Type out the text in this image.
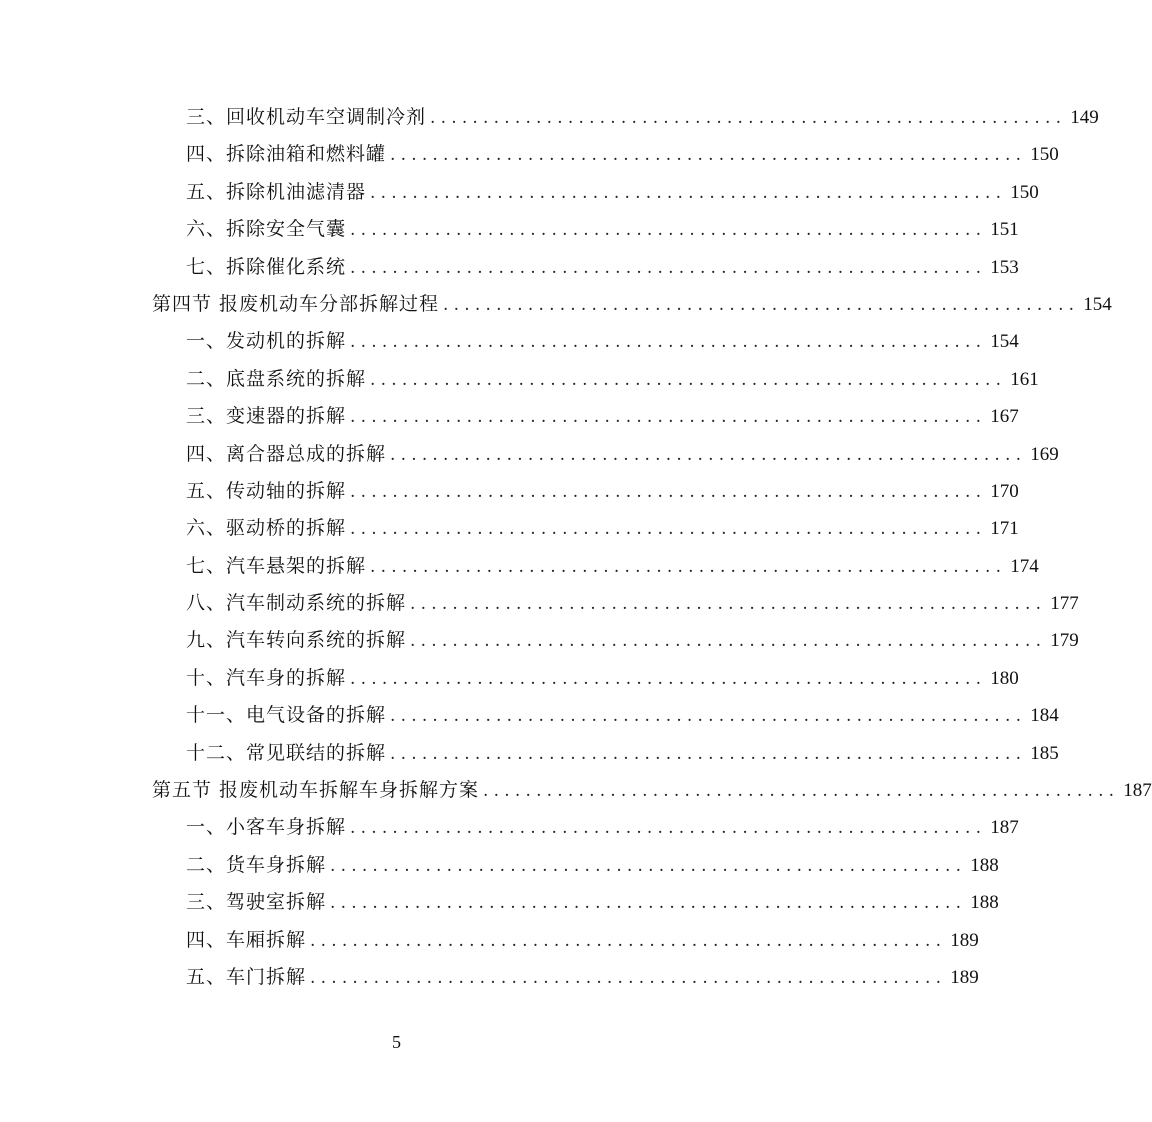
三、回收机动车空调制冷剂 ............................................................ 149
四、拆除油箱和燃料罐 ............................................................ 150
五、拆除机油滤清器 ............................................................ 150
六、拆除安全气囊 ............................................................ 151
七、拆除催化系统 ............................................................ 153
第四节 报废机动车分部拆解过程 ............................................................ 154
一、发动机的拆解 ............................................................ 154
二、底盘系统的拆解 ............................................................ 161
三、变速器的拆解 ............................................................ 167
四、离合器总成的拆解 ............................................................ 169
五、传动轴的拆解 ............................................................ 170
六、驱动桥的拆解 ............................................................ 171
七、汽车悬架的拆解 ............................................................ 174
八、汽车制动系统的拆解 ............................................................ 177
九、汽车转向系统的拆解 ............................................................ 179
十、汽车身的拆解 ............................................................ 180
十一、电气设备的拆解 ............................................................ 184
十二、常见联结的拆解 ............................................................ 185
第五节 报废机动车拆解车身拆解方案 ............................................................ 187
一、小客车身拆解 ............................................................ 187
二、货车身拆解 ............................................................ 188
三、驾驶室拆解 ............................................................ 188
四、车厢拆解 ............................................................ 189
五、车门拆解 ............................................................ 189
5
